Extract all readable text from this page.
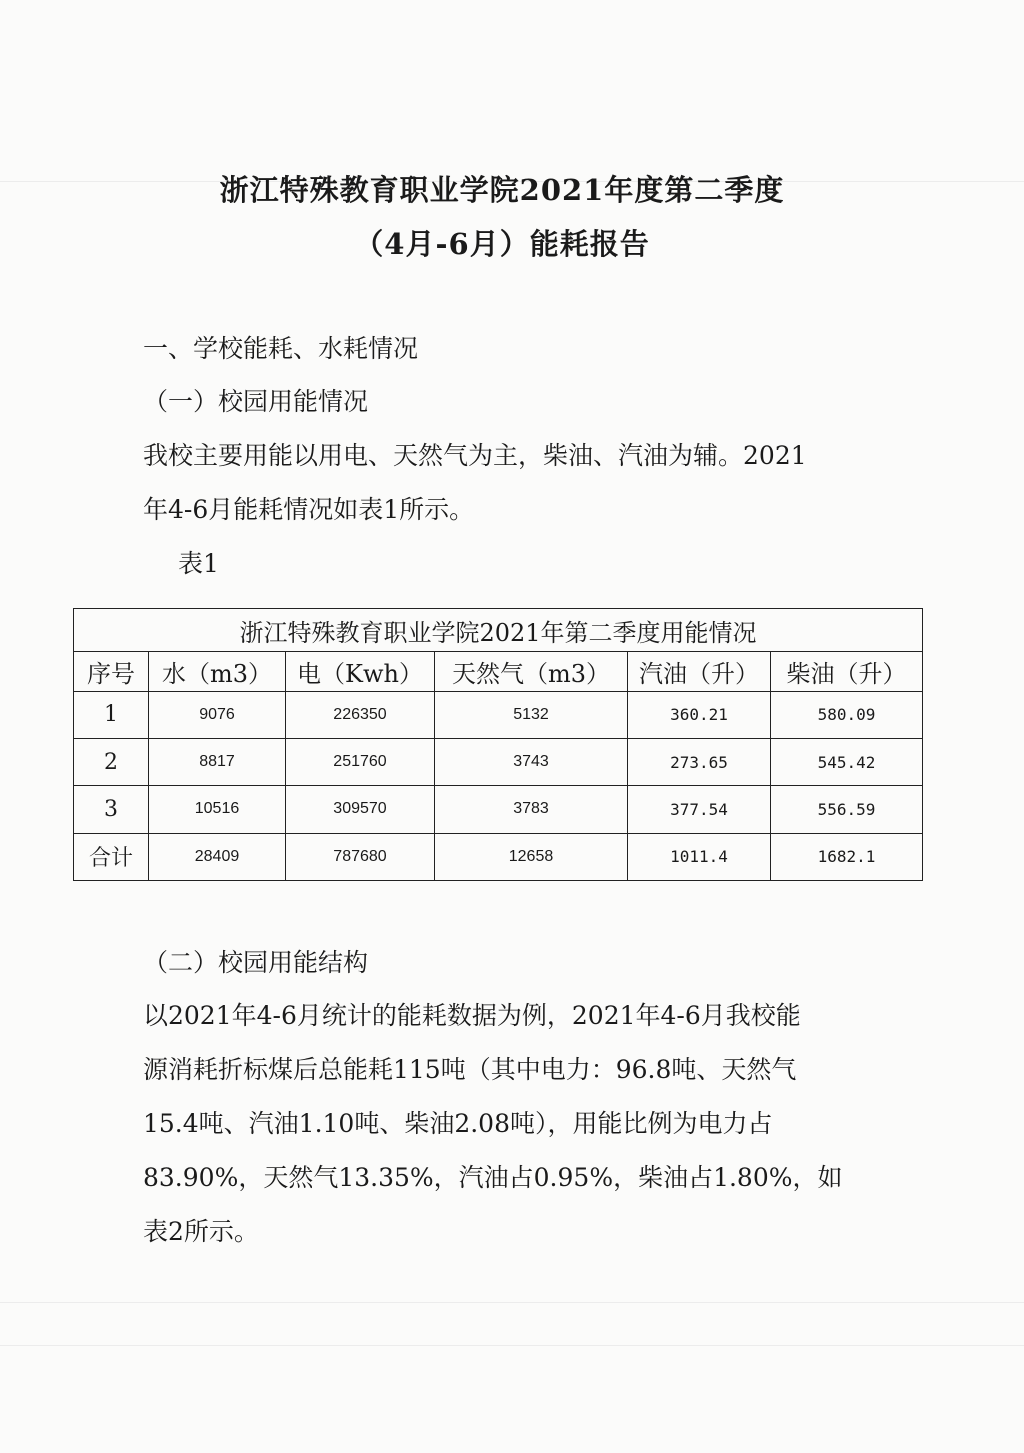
浙江特殊教育职业学院2021年度第二季度
（4月-6月）能耗报告
一、学校能耗、水耗情况
（一）校园用能情况
我校主要用能以用电、天然气为主，柴油、汽油为辅。2021
年4-6月能耗情况如表1所示。
表1
浙江特殊教育职业学院2021年第二季度用能情况					
序号	水（m3）	电（Kwh）	天然气（m3）	汽油（升）	柴油（升）
1	9076	226350	5132	360.21	580.09
2	8817	251760	3743	273.65	545.42
3	10516	309570	3783	377.54	556.59
合计	28409	787680	12658	1011.4	1682.1
（二）校园用能结构
以2021年4-6月统计的能耗数据为例，2021年4-6月我校能
源消耗折标煤后总能耗115吨（其中电力：96.8吨、天然气
15.4吨、汽油1.10吨、柴油2.08吨），用能比例为电力占
83.90%，天然气13.35%，汽油占0.95%，柴油占1.80%，如
表2所示。
